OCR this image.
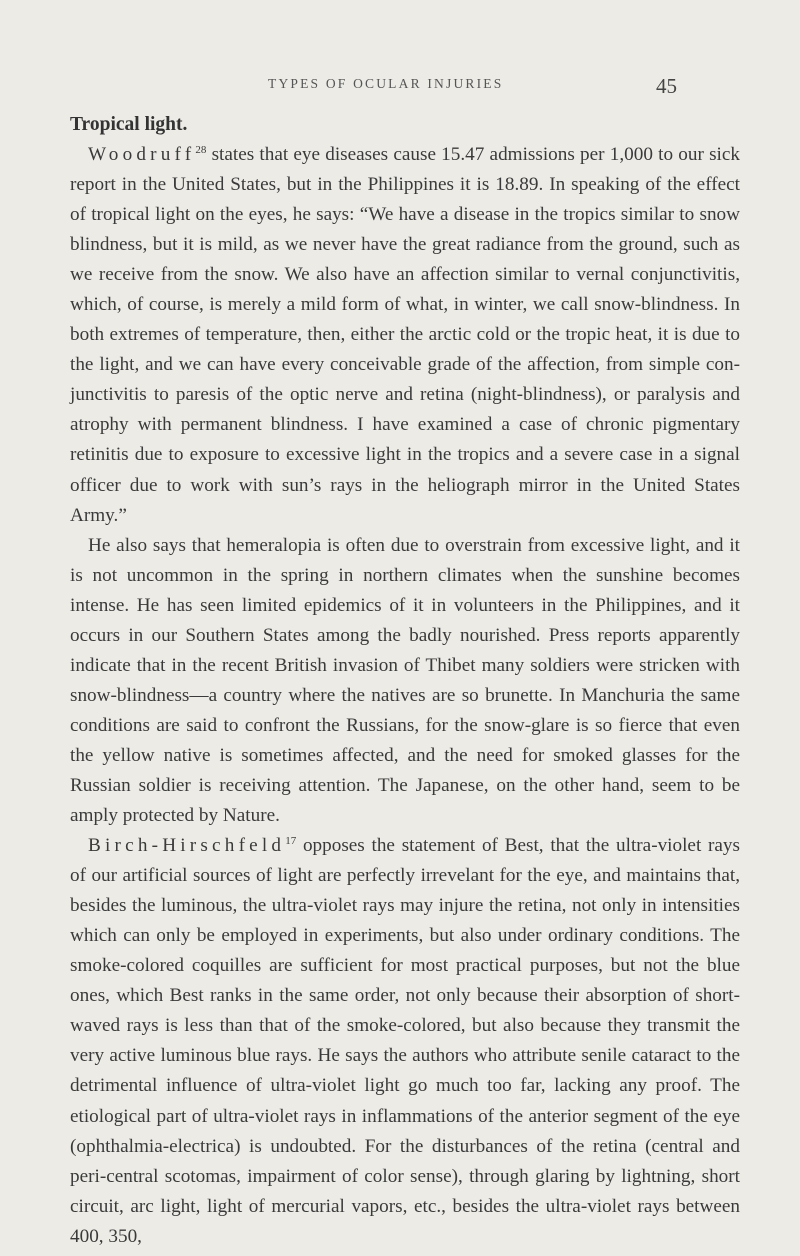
TYPES OF OCULAR INJURIES	45
Tropical light.

Woodruff$^{28}$ states that eye diseases cause 15.47 admissions per 1,000 to our sick report in the United States, but in the Philippines it is 18.89. In speaking of the effect of tropical light on the eyes, he says: “We have a disease in the tropics similar to snow blindness, but it is mild, as we never have the great radiance from the ground, such as we receive from the snow. We also have an affection similar to vernal conjunctivitis, which, of course, is merely a mild form of what, in winter, we call snow-blindness. In both extremes of temperature, then, either the arctic cold or the tropic heat, it is due to the light, and we can have every conceivable grade of the affection, from simple conjunctivitis to paresis of the optic nerve and retina (night-blindness), or paralysis and atrophy with permanent blindness. I have examined a case of chronic pigmentary retinitis due to exposure to excessive light in the tropics and a severe case in a signal officer due to work with sun’s rays in the heliograph mirror in the United States Army.”

He also says that hemeralopia is often due to overstrain from excessive light, and it is not uncommon in the spring in northern climates when the sunshine becomes intense. He has seen limited epidemics of it in volunteers in the Philippines, and it occurs in our Southern States among the badly nourished. Press reports apparently indicate that in the recent British invasion of Thibet many soldiers were stricken with snow-blindness—a country where the natives are so brunette. In Manchuria the same conditions are said to confront the Russians, for the snow-glare is so fierce that even the yellow native is sometimes affected, and the need for smoked glasses for the Russian soldier is receiving attention. The Japanese, on the other hand, seem to be amply protected by Nature.

Birch-Hirschfeld$^{17}$ opposes the statement of Best, that the ultra-violet rays of our artificial sources of light are perfectly irrevelant for the eye, and maintains that, besides the luminous, the ultra-violet rays may injure the retina, not only in intensities which can only be employed in experiments, but also under ordinary conditions. The smoke-colored coquilles are sufficient for most practical purposes, but not the blue ones, which Best ranks in the same order, not only because their absorption of short-waved rays is less than that of the smoke-colored, but also because they transmit the very active luminous blue rays. He says the authors who attribute senile cataract to the detrimental influence of ultra-violet light go much too far, lacking any proof. The etiological part of ultra-violet rays in inflammations of the anterior segment of the eye (ophthalmia-electrica) is undoubted. For the disturbances of the retina (central and peri-central scotomas, impairment of color sense), through glaring by lightning, short circuit, arc light, light of mercurial vapors, etc., besides the ultra-violet rays between 400, 350,
